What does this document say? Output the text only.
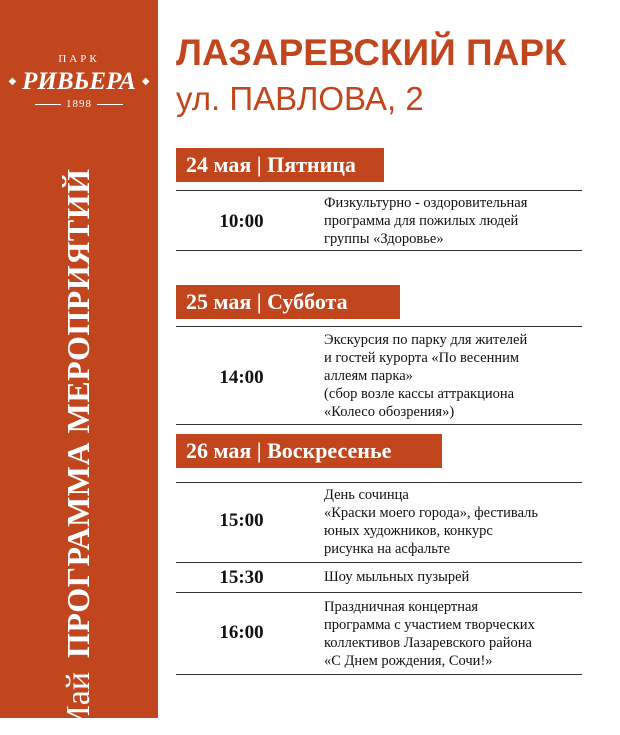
ПАРК
◆ РИВЬЕРА ◆
1898
МайПРОГРАММА МЕРОПРИЯТИЙ
ЛАЗАРЕВСКИЙ ПАРК
ул. ПАВЛОВА, 2
24 мая | Пятница
10:00
Физкультурно - оздоровительная
программа для пожилых людей
группы «Здоровье»
25 мая | Суббота
14:00
Экскурсия по парку для жителей
и гостей курорта «По весенним
аллеям парка»
(сбор возле кассы аттракциона
«Колесо обозрения»)
26 мая | Воскресенье
15:00
День сочинца
«Краски моего города», фестиваль
юных художников, конкурс
рисунка на асфальте
15:30	Шоу мыльных пузырей
16:00
Праздничная концертная
программа с участием творческих
коллективов Лазаревского района
«С Днем рождения, Сочи!»
